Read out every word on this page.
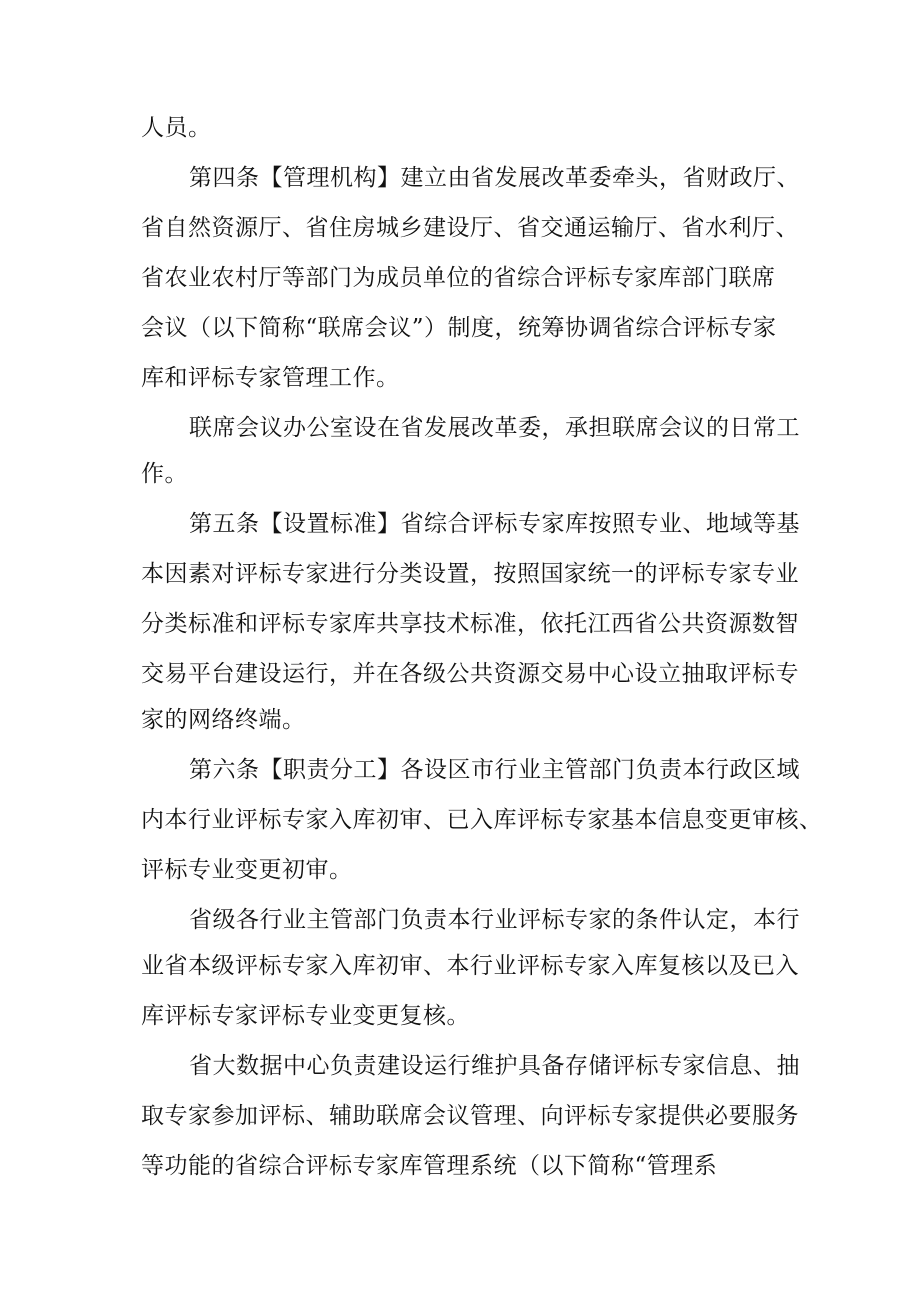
人员。
第四条【管理机构】建立由省发展改革委牵头，省财政厅、
省自然资源厅、省住房城乡建设厅、省交通运输厅、省水利厅、
省农业农村厅等部门为成员单位的省综合评标专家库部门联席
会议（以下简称“联席会议”）制度，统筹协调省综合评标专家
库和评标专家管理工作。
联席会议办公室设在省发展改革委，承担联席会议的日常工
作。
第五条【设置标准】省综合评标专家库按照专业、地域等基
本因素对评标专家进行分类设置，按照国家统一的评标专家专业
分类标准和评标专家库共享技术标准，依托江西省公共资源数智
交易平台建设运行，并在各级公共资源交易中心设立抽取评标专
家的网络终端。
第六条【职责分工】各设区市行业主管部门负责本行政区域
内本行业评标专家入库初审、已入库评标专家基本信息变更审核、
评标专业变更初审。
省级各行业主管部门负责本行业评标专家的条件认定，本行
业省本级评标专家入库初审、本行业评标专家入库复核以及已入
库评标专家评标专业变更复核。
省大数据中心负责建设运行维护具备存储评标专家信息、抽
取专家参加评标、辅助联席会议管理、向评标专家提供必要服务
等功能的省综合评标专家库管理系统（以下简称“管理系
